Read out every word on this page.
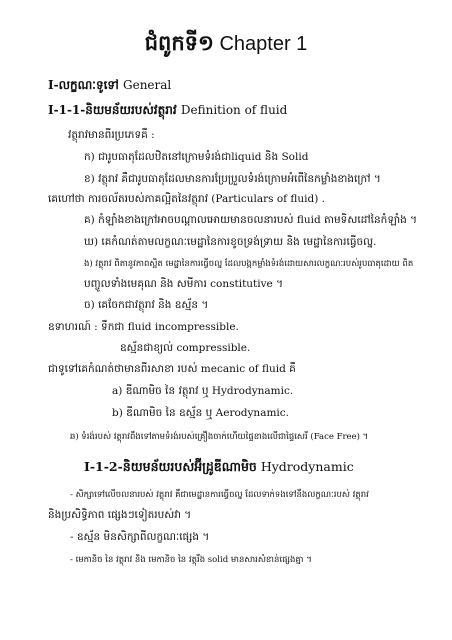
ជំពូកទី១ Chapter 1
I-លក្ខណៈទូទៅ General
I-1-1-និយមន័យរបស់វត្ថុរាវ Definition of fluid
វត្ថុរាវមានពីរប្រភេទគឺ :
ក) ជារូបធាតុដែលឋិតនៅក្រោមទំរង់ជាliquid និង Solid
ខ) វត្ថុរាវ គឺជារូបធាតុដែលមានការប្រែប្រួលទំរង់ក្រោមអំពើនៃកម្លាំងខាងក្រៅ ។
គេហៅថា ការចល័តរបស់ភាគល្អិតនៃវត្ថុរាវ (Particulars of fluid) .
គ) កំឡាំងខាងក្រៅអាចបណ្តាលអោយមានចលនារបស់ fluid តាមទិសដៅនៃកំឡាំង ។
ឃ) គេកំណត់តាមលក្ខណៈមេដ្ឋានៃការខូចទ្រង់ទ្រាយ និង មេដ្ឋានៃការធ្វើចល្ន.
ង) វត្ថុរាវ ពិតានូវភាពស្អិត មេដ្ឋានៃការធ្វើចល្ន ដែលបង្កកម្លាំងទំរង់ដោយសារលក្ខណៈរបស់រូបធាតុដោយ ពិត
បញ្ចូលទាំងមេគុណ និង សមីការ constitutive ។
ច) គេចែកជាវត្ថុរាវ និង ឧស្ម័ន ។
ឧទាហរណ៍ : ទឹកជា fluid incompressible.
ឧស្ម័នជាខ្យល់ compressible.
ជាទូទៅគេកំណត់ថាមានពីរសាខា របស់ mecanic of fluid គឺ
a) ឌីណាមិច នៃ វត្ថុរាវ ឬ Hydrodynamic.
b) ឌីណាមិច នៃ ឧស្ម័ន ឬ Aerodynamic.
ឆ) ទំរង់របស់ វត្ថុរាវពឹងទៅតាមទំរង់របស់គ្រឿងចាក់ហើយផ្ទៃខាងលើជាផ្ទៃសេរី (Face Free) ។
I-1-2-និយមន័យរបស់អ៊ីដ្រូឌីណាមិច Hydrodynamic
- សិក្សាទៅលើចលនារបស់ វត្ថុរាវ គឺជាមេដ្ឋានការធ្វើចល្ន ដែលទាក់ទងទៅនឹងលក្ខណៈរបស់ វត្ថុរាវ
និងប្រសិទ្ធិភាព ផ្សេងៗទៀតរបស់វា ។
- ឧស្ម័ន មិនសិក្សាពីលក្ខណៈផ្សេង ។
- មេកានិច នៃ វត្ថុរាវ និង មេកានិច នៃ វត្ថុរឹង solid មានសារសំខាន់ផ្សេងគ្នា ។
